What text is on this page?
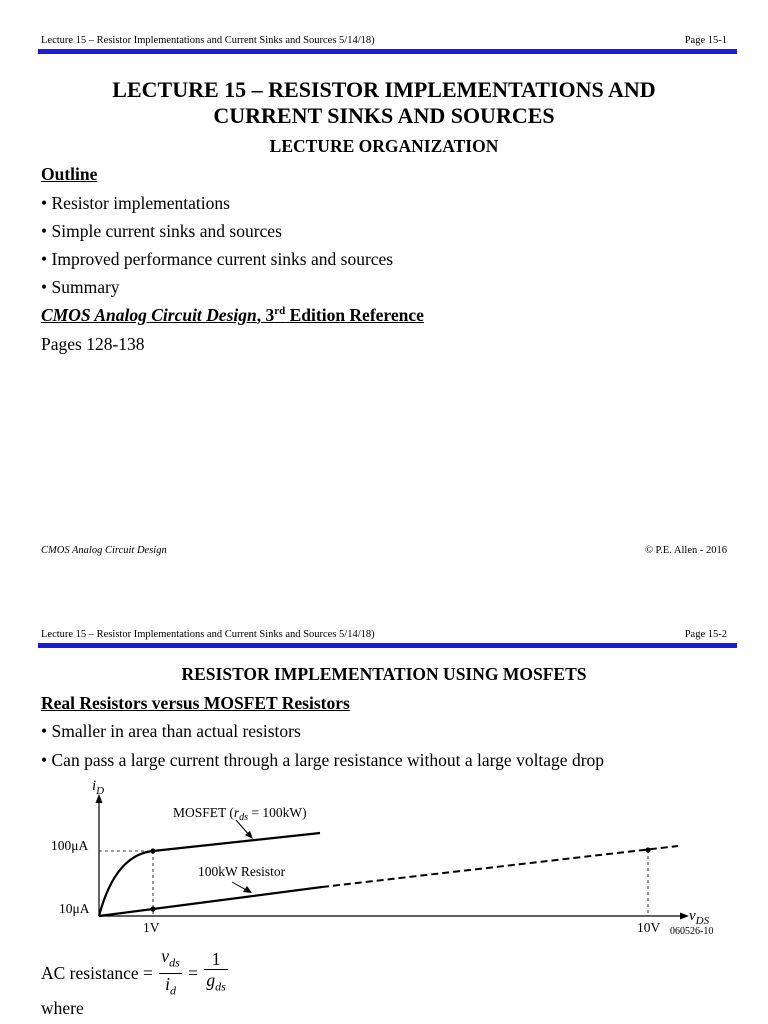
Lecture 15 – Resistor Implementations and Current Sinks and Sources 5/14/18)	Page 15-1
LECTURE 15 – RESISTOR IMPLEMENTATIONS AND
CURRENT SINKS AND SOURCES
LECTURE ORGANIZATION
Outline
• Resistor implementations
• Simple current sinks and sources
• Improved performance current sinks and sources
• Summary
CMOS Analog Circuit Design, 3rd Edition Reference
Pages 128-138
CMOS Analog Circuit Design	© P.E. Allen - 2016
Lecture 15 – Resistor Implementations and Current Sinks and Sources 5/14/18)	Page 15-2
RESISTOR IMPLEMENTATION USING MOSFETS
Real Resistors versus MOSFET Resistors
• Smaller in area than actual resistors
• Can pass a large current through a large resistance without a large voltage drop
$i_D$
$v_{DS}$
100μA
10μA
1V	10V
MOSFET $(r_{ds} = 100kW)$
100kW Resistor
060526-10
AC resistance = $\frac{v_{ds}}{i_d} = \frac{1}{g_{ds}}$
where
